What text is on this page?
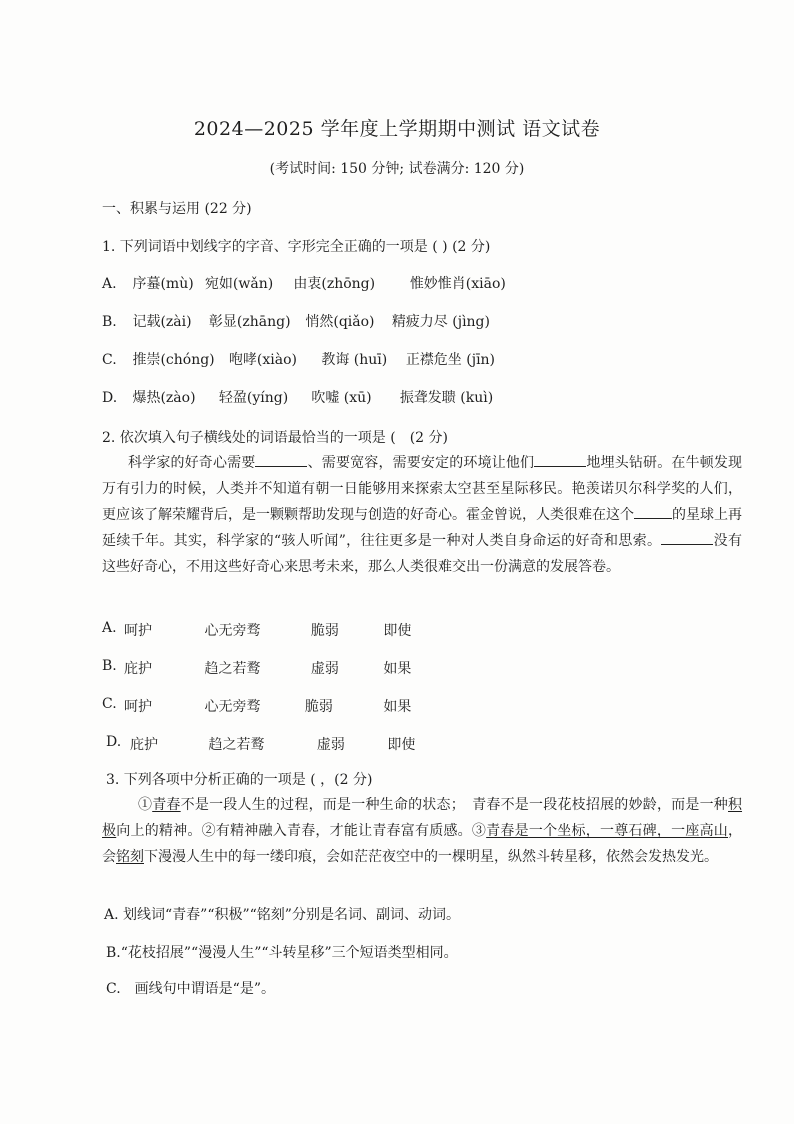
2024—2025 学年度上学期期中测试 语文试卷
(考试时间: 150 分钟; 试卷满分: 120 分)
一、积累与运用 (22 分)
1. 下列词语中划线字的字音、字形完全正确的一项是 ( ) (2 分)
A. 序蟇(mù) 宛如(wǎn) 由衷(zhōng) 惟妙惟肖(xiāo)
B. 记载(zài) 彰显(zhāng) 悄然(qiǎo) 精疲力尽 (jìng)
C. 推崇(chóng) 咆哮(xiào) 教诲 (huī) 正襟危坐 (jīn)
D. 爆热(zào) 轻盈(yíng) 吹嘘 (xū) 振聋发聩 (kuì)
2. 依次填入句子横线处的词语最恰当的一项是 (　(2 分)
科学家的好奇心需要	、需要宽容，需要安定的环境让他们	地埋头钻研。在牛顿发现万有引力的时候，人类并不知道有朝一日能够用来探索太空甚至星际移民。艳羡诺贝尔科学奖的人们，更应该了解荣耀背后，是一颗颗帮助发现与创造的好奇心。霍金曾说，人类很难在这个	的星球上再延续千年。其实，科学家的“骇人听闻”，往往更多是一种对人类自身命运的好奇和思索。	没有这些好奇心，不用这些好奇心来思考未来，那么人类很难交出一份满意的发展答卷。
A. 呵护	心无旁骛	脆弱	即使
B. 庇护	趋之若鹜	虚弱	如果
C. 呵护	心无旁骛	脆弱	如果
D. 庇护	趋之若鹜	虚弱	即使
3. 下列各项中分析正确的一项是 ( ，(2 分)
①青春不是一段人生的过程，而是一种生命的状态；　青春不是一段花枝招展的妙龄，而是一种积极向上的精神。②有精神融入青春，才能让青春富有质感。③青春是一个坐标，一尊石碑，一座高山，会铭刻下漫漫人生中的每一缕印痕，会如茫茫夜空中的一棵明星，纵然斗转星移，依然会发热发光。
A. 划线词“青春”“积极”“铭刻”分别是名词、副词、动词。
B.“花枝招展”“漫漫人生”“斗转星移”三个短语类型相同。
C.　画线句中谓语是“是”。
